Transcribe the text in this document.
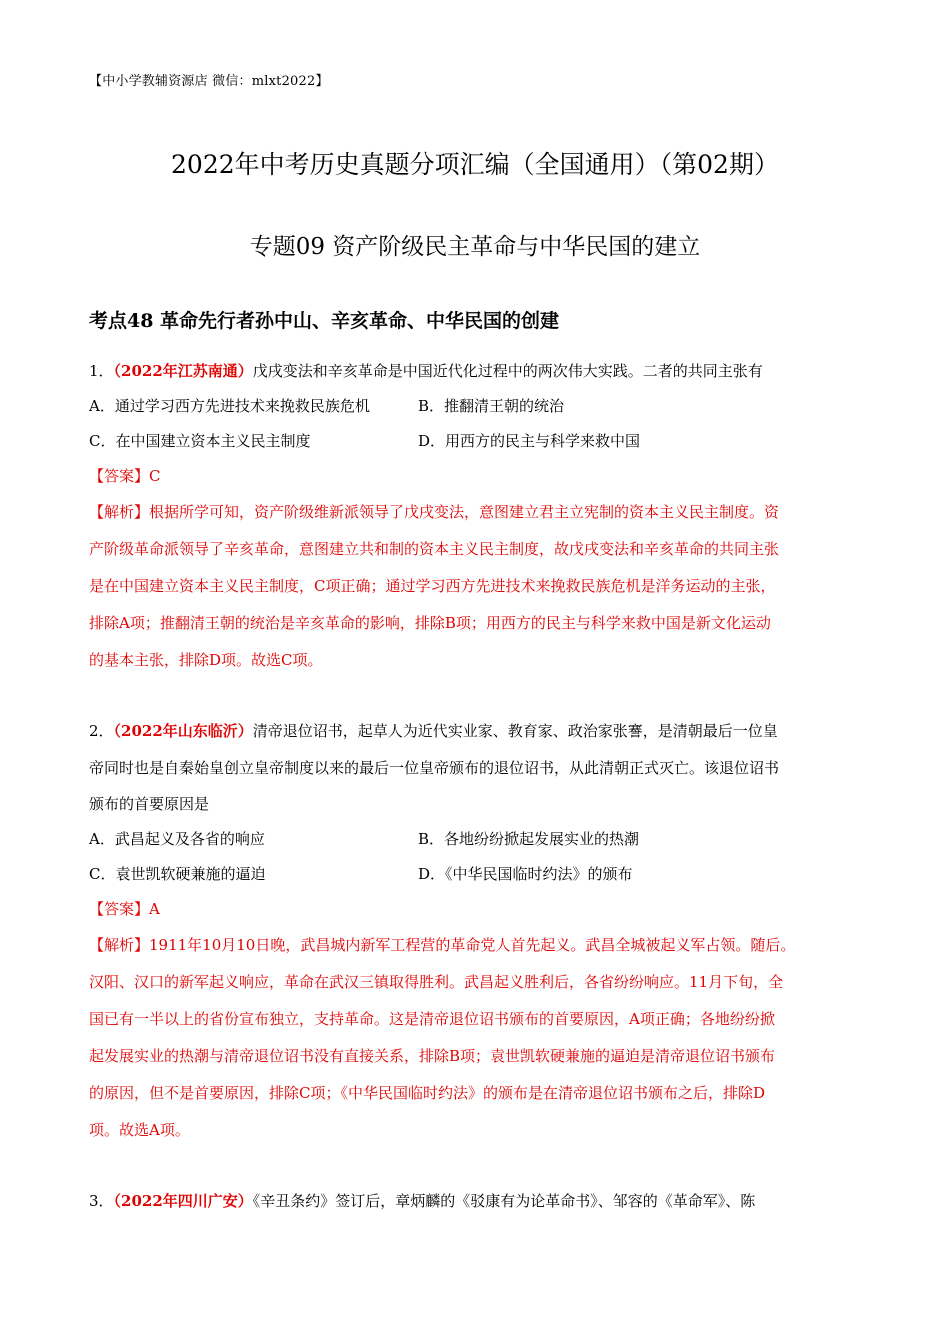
【中小学教辅资源店 微信：mlxt2022】
2022年中考历史真题分项汇编（全国通用）（第02期）
专题09 资产阶级民主革命与中华民国的建立
考点48 革命先行者孙中山、辛亥革命、中华民国的创建
1．（2022年江苏南通）戊戌变法和辛亥革命是中国近代化过程中的两次伟大实践。二者的共同主张有
A．通过学习西方先进技术来挽救民族危机	B．推翻清王朝的统治
C．在中国建立资本主义民主制度	D．用西方的民主与科学来救中国
【答案】C
【解析】根据所学可知，资产阶级维新派领导了戊戌变法，意图建立君主立宪制的资本主义民主制度。资
产阶级革命派领导了辛亥革命，意图建立共和制的资本主义民主制度，故戊戌变法和辛亥革命的共同主张
是在中国建立资本主义民主制度，C项正确；通过学习西方先进技术来挽救民族危机是洋务运动的主张，
排除A项；推翻清王朝的统治是辛亥革命的影响，排除B项；用西方的民主与科学来救中国是新文化运动
的基本主张，排除D项。故选C项。
2．（2022年山东临沂）清帝退位诏书，起草人为近代实业家、教育家、政治家张謇，是清朝最后一位皇
帝同时也是自秦始皇创立皇帝制度以来的最后一位皇帝颁布的退位诏书，从此清朝正式灭亡。该退位诏书
颁布的首要原因是
A．武昌起义及各省的响应	B．各地纷纷掀起发展实业的热潮
C．袁世凯软硬兼施的逼迫	D．《中华民国临时约法》的颁布
【答案】A
【解析】1911年10月10日晚，武昌城内新军工程营的革命党人首先起义。武昌全城被起义军占领。随后。
汉阳、汉口的新军起义响应，革命在武汉三镇取得胜利。武昌起义胜利后，各省纷纷响应。11月下旬，全
国已有一半以上的省份宣布独立，支持革命。这是清帝退位诏书颁布的首要原因，A项正确；各地纷纷掀
起发展实业的热潮与清帝退位诏书没有直接关系，排除B项；袁世凯软硬兼施的逼迫是清帝退位诏书颁布
的原因，但不是首要原因，排除C项；《中华民国临时约法》的颁布是在清帝退位诏书颁布之后，排除D
项。故选A项。
3．（2022年四川广安）《辛丑条约》签订后，章炳麟的《驳康有为论革命书》、邹容的《革命军》、陈
